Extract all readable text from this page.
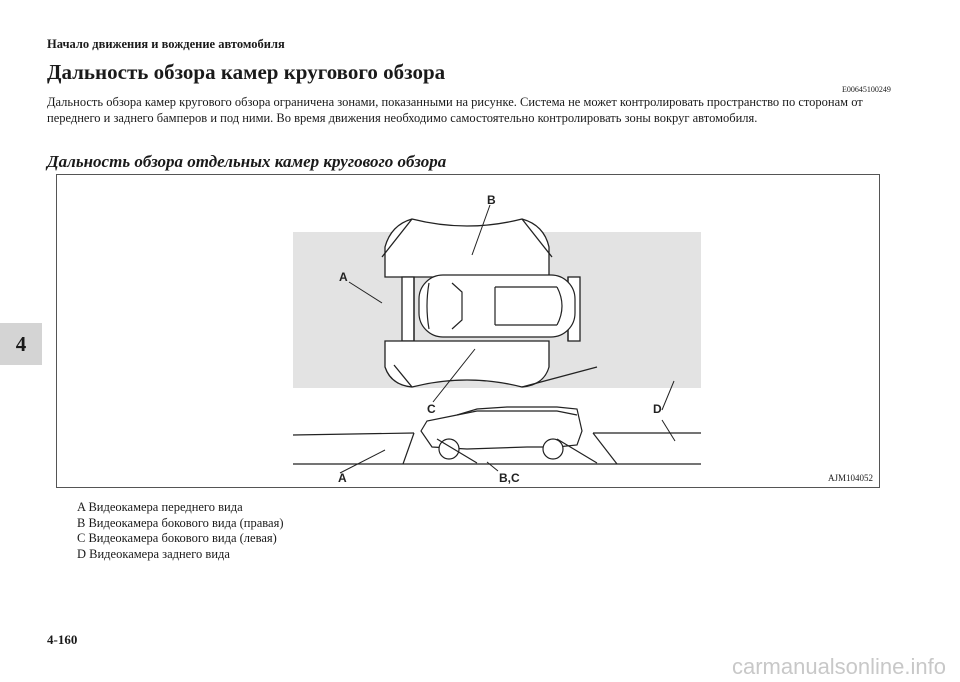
Начало движения и вождение автомобиля
Дальность обзора камер кругового обзора
E00645100249
Дальность обзора камер кругового обзора ограничена зонами, показанными на рисунке. Система не может контролировать пространство по сторонам от переднего и заднего бамперов и под ними. Во время движения необходимо самостоятельно контролировать зоны вокруг автомобиля.
Дальность обзора отдельных камер кругового обзора
4
B
A
C	D
A	B,C	AJM104052
A Видеокамера переднего вида
B Видеокамера бокового вида (правая)
C Видеокамера бокового вида (левая)
D Видеокамера заднего вида
4-160
carmanualsonline.info
